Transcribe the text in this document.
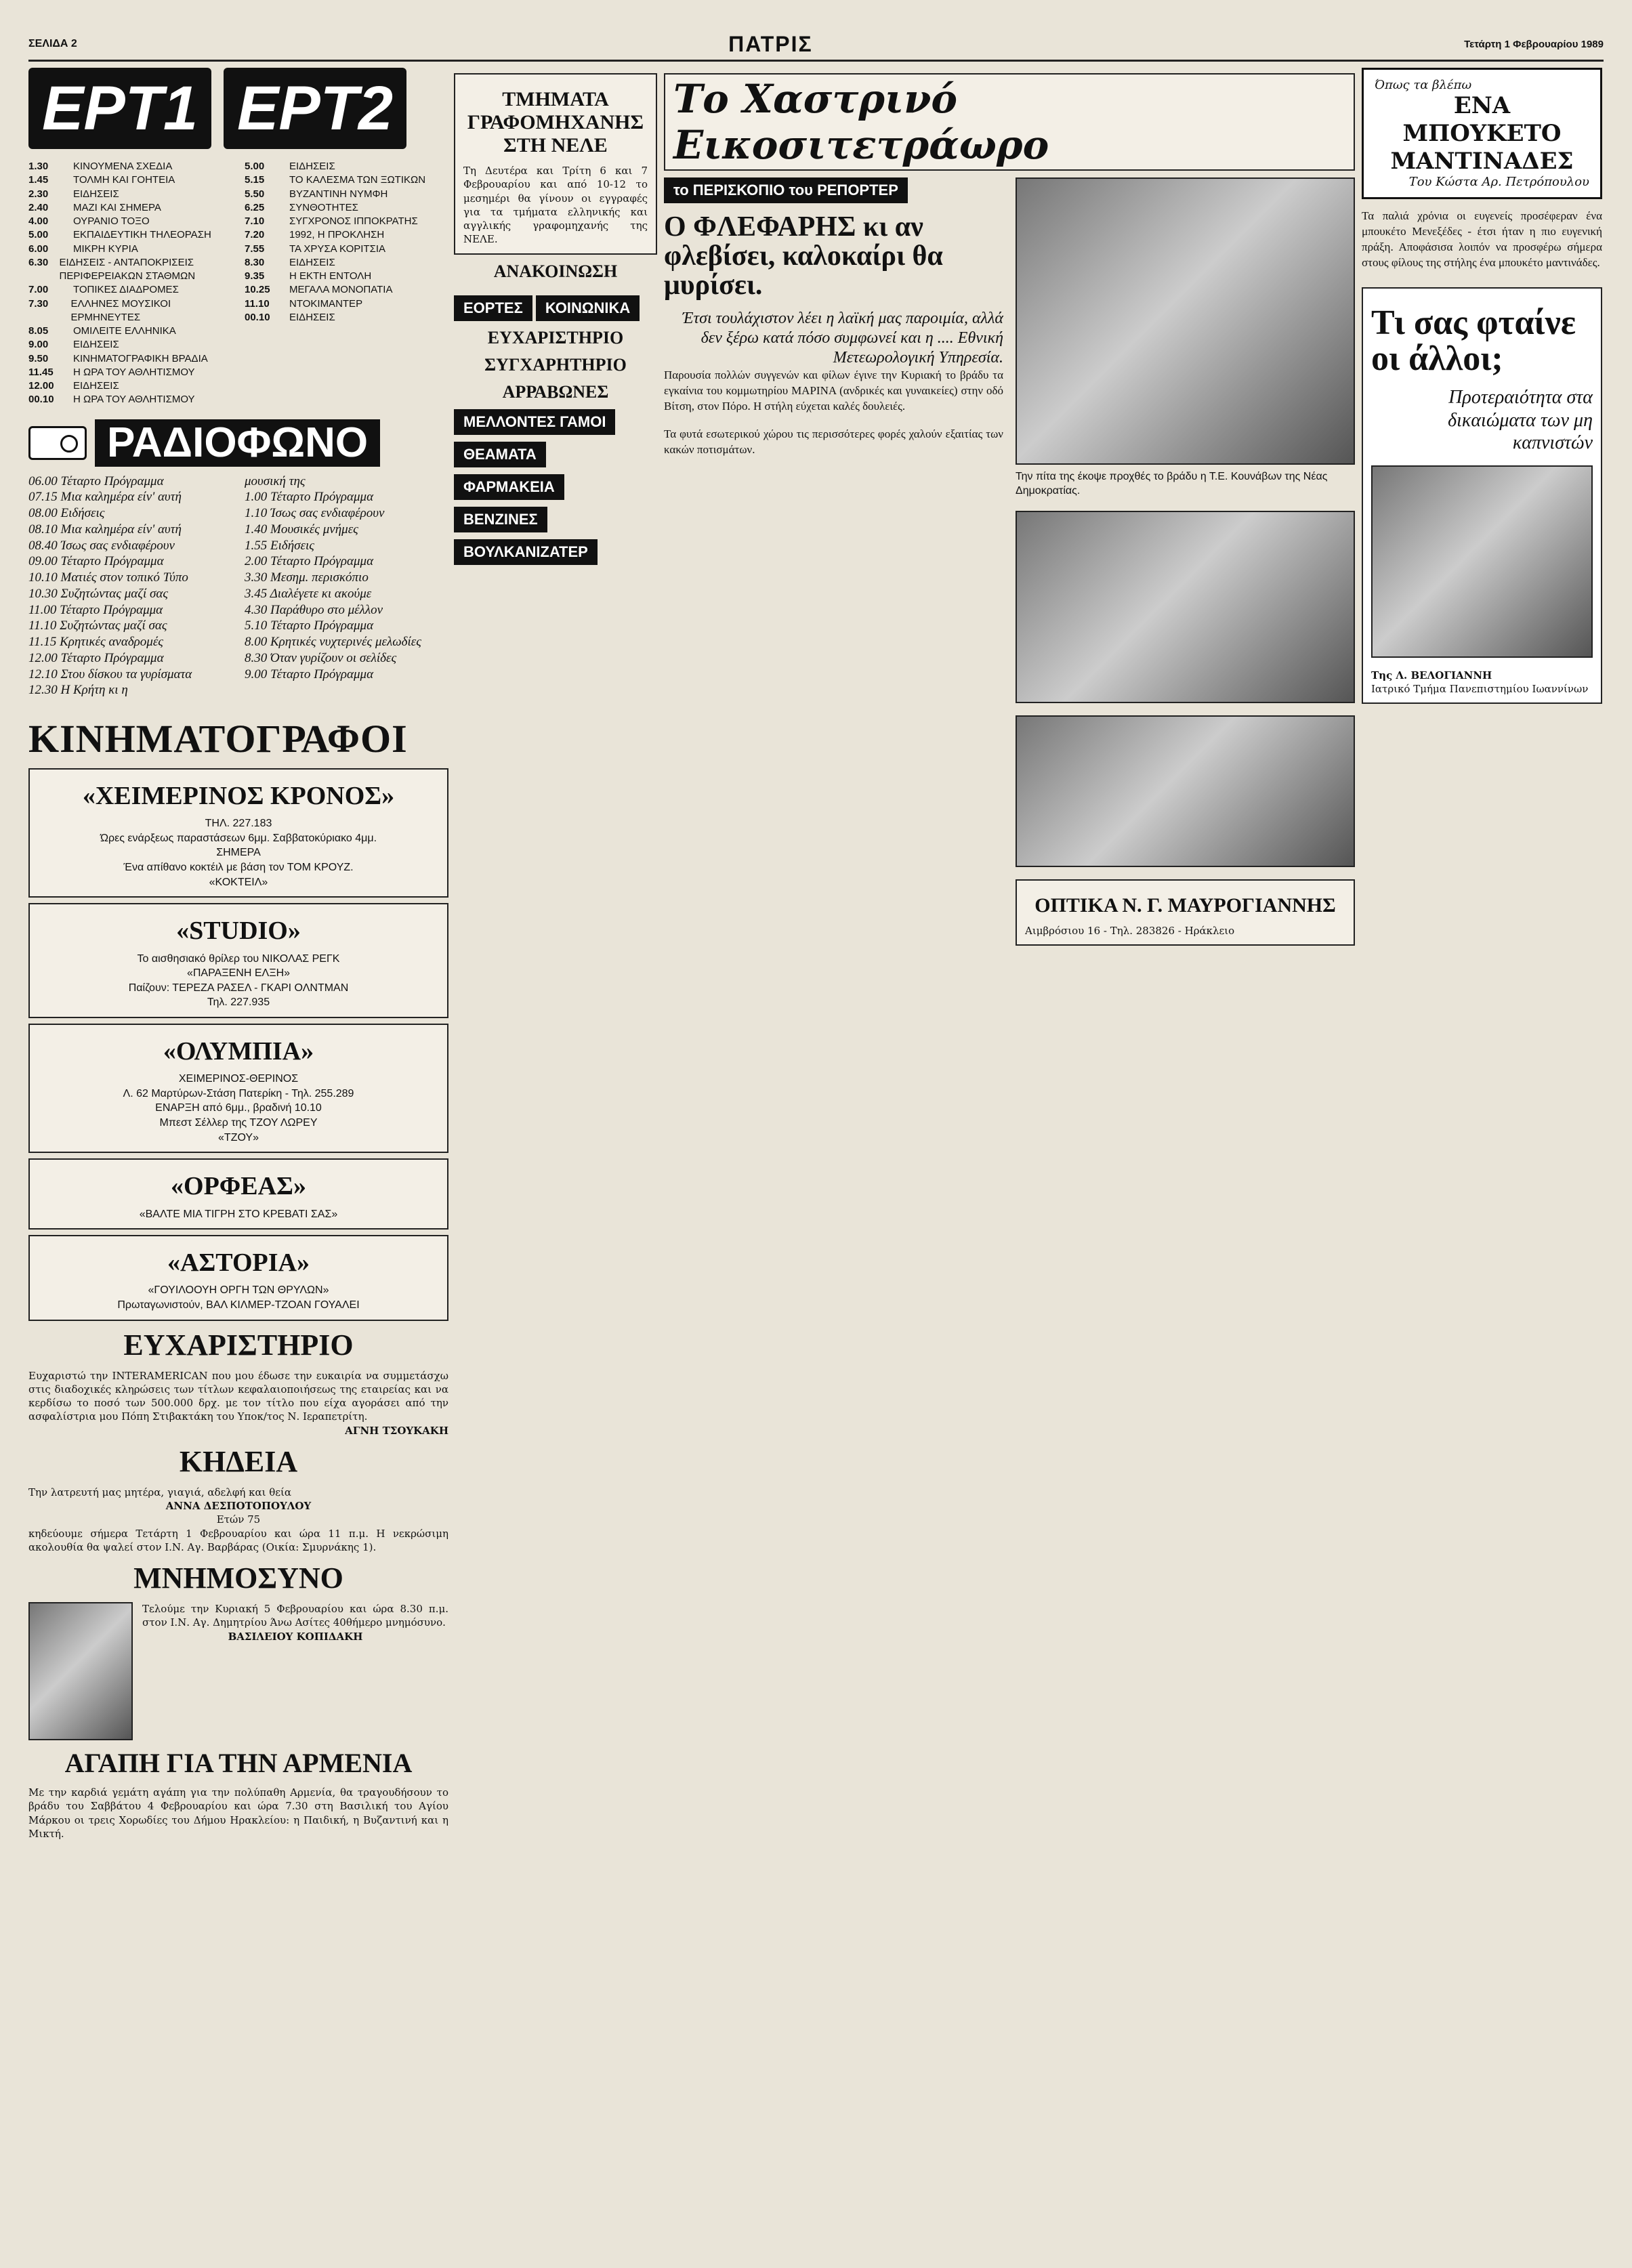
ΣΕΛΙΔΑ 2	ΠΑΤΡΙΣ	Τετάρτη 1 Φεβρουαρίου 1989
ΕΡΤ1 ΕΡΤ2
1.30	ΚΙΝΟΥΜΕΝΑ ΣΧΕΔΙΑ
1.45	ΤΟΛΜΗ ΚΑΙ ΓΟΗΤΕΙΑ
2.30	ΕΙΔΗΣΕΙΣ
2.40	ΜΑΖΙ ΚΑΙ ΣΗΜΕΡΑ
4.00	ΟΥΡΑΝΙΟ ΤΟΞΟ
5.00	ΕΚΠΑΙΔΕΥΤΙΚΗ ΤΗΛΕΟΡΑΣΗ
6.00	ΜΙΚΡΗ ΚΥΡΙΑ
6.30	ΕΙΔΗΣΕΙΣ - ΑΝΤΑΠΟΚΡΙΣΕΙΣ ΠΕΡΙΦΕΡΕΙΑΚΩΝ ΣΤΑΘΜΩΝ
7.00	ΤΟΠΙΚΕΣ ΔΙΑΔΡΟΜΕΣ
7.30	ΕΛΛΗΝΕΣ ΜΟΥΣΙΚΟΙ ΕΡΜΗΝΕΥΤΕΣ
8.05	ΟΜΙΛΕΙΤΕ ΕΛΛΗΝΙΚΑ
9.00	ΕΙΔΗΣΕΙΣ
9.50	ΚΙΝΗΜΑΤΟΓΡΑΦΙΚΗ ΒΡΑΔΙΑ
11.45	Η ΩΡΑ ΤΟΥ ΑΘΛΗΤΙΣΜΟΥ
12.00	ΕΙΔΗΣΕΙΣ
00.10	Η ΩΡΑ ΤΟΥ ΑΘΛΗΤΙΣΜΟΥ
5.00	ΕΙΔΗΣΕΙΣ
5.15	ΤΟ ΚΑΛΕΣΜΑ ΤΩΝ ΞΩΤΙΚΩΝ
5.50	ΒΥΖΑΝΤΙΝΗ ΝΥΜΦΗ
6.25	ΣΥΝΘΟΤΗΤΕΣ
7.10	ΣΥΓΧΡΟΝΟΣ ΙΠΠΟΚΡΑΤΗΣ
7.20	1992, Η ΠΡΟΚΛΗΣΗ
7.55	ΤΑ ΧΡΥΣΑ ΚΟΡΙΤΣΙΑ
8.30	ΕΙΔΗΣΕΙΣ
9.35	Η ΕΚΤΗ ΕΝΤΟΛΗ
10.25	ΜΕΓΑΛΑ ΜΟΝΟΠΑΤΙΑ
11.10	ΝΤΟΚΙΜΑΝΤΕΡ
00.10	ΕΙΔΗΣΕΙΣ
ΡΑΔΙΟΦΩΝΟ
06.00 Τέταρτο Πρόγραμμα
07.15 Μια καλημέρα είν' αυτή
08.00 Ειδήσεις
08.10 Μια καλημέρα είν' αυτή
08.40 Ίσως σας ενδιαφέρουν
09.00 Τέταρτο Πρόγραμμα
10.10 Ματιές στον τοπικό Τύπο
10.30 Συζητώντας μαζί σας
11.00 Τέταρτο Πρόγραμμα
11.10 Συζητώντας μαζί σας
11.15 Κρητικές αναδρομές
12.00 Τέταρτο Πρόγραμμα
12.10 Στου δίσκου τα γυρίσματα
12.30 Η Κρήτη κι η
μουσική της
1.00 Τέταρτο Πρόγραμμα
1.10 Ίσως σας ενδιαφέρουν
1.40 Μουσικές μνήμες
1.55 Ειδήσεις
2.00 Τέταρτο Πρόγραμμα
3.30 Μεσημ. περισκόπιο
3.45 Διαλέγετε κι ακούμε
4.30 Παράθυρο στο μέλλον
5.10 Τέταρτο Πρόγραμμα
8.00 Κρητικές νυχτερινές μελωδίες
8.30 Όταν γυρίζουν οι σελίδες
9.00 Τέταρτο Πρόγραμμα
ΚΙΝΗΜΑΤΟΓΡΑΦΟΙ
«ΧΕΙΜΕΡΙΝΟΣ ΚΡΟΝΟΣ»
ΤΗΛ. 227.183
Ώρες ενάρξεως παραστάσεων 6μμ. Σαββατοκύριακο 4μμ.
ΣΗΜΕΡΑ
Ένα απίθανο κοκτέιλ με βάση τον ΤΟΜ ΚΡΟΥΖ.
«ΚΟΚΤΕΙΛ»
«STUDIO»
Το αισθησιακό θρίλερ του ΝΙΚΟΛΑΣ ΡΕΓΚ
«ΠΑΡΑΞΕΝΗ ΕΛΞΗ»
Παίζουν: ΤΕΡΕΖΑ ΡΑΣΕΛ - ΓΚΑΡΙ ΟΛΝΤΜΑΝ
Τηλ. 227.935
«ΟΛΥΜΠΙΑ»
ΧΕΙΜΕΡΙΝΟΣ-ΘΕΡΙΝΟΣ
Λ. 62 Μαρτύρων-Στάση Πατερίκη - Τηλ. 255.289
ΕΝΑΡΞΗ από 6μμ., βραδινή 10.10
Μπεστ Σέλλερ της ΤΖΟΥ ΛΩΡΕΥ
«ΤΖΟΥ»
«ΟΡΦΕΑΣ»
«ΒΑΛΤΕ ΜΙΑ ΤΙΓΡΗ ΣΤΟ ΚΡΕΒΑΤΙ ΣΑΣ»
«ΑΣΤΟΡΙΑ»
«ΓΟΥΙΛΟΟΥΗ ΟΡΓΗ ΤΩΝ ΘΡΥΛΩΝ»
Πρωταγωνιστούν, ΒΑΛ ΚΙΛΜΕΡ-ΤΖΟΑΝ ΓΟΥΑΛΕΙ
ΕΥΧΑΡΙΣΤΗΡΙΟ
Ευχαριστώ την INTERAMERICAN που μου έδωσε την ευκαιρία να συμμετάσχω στις διαδοχικές κληρώσεις των τίτλων κεφαλαιοποιήσεως της εταιρείας και να κερδίσω το ποσό των 500.000 δρχ. με τον τίτλο που είχα αγοράσει από την ασφαλίστρια μου Πόπη Στιβακτάκη του Υποκ/τος Ν. Ιεραπετρίτη.
ΑΓΝΗ ΤΣΟΥΚΑΚΗ
ΚΗΔΕΙΑ
Την λατρευτή μας μητέρα, γιαγιά, αδελφή και θεία
ΑΝΝΑ ΔΕΣΠΟΤΟΠΟΥΛΟΥ
Ετών 75
κηδεύουμε σήμερα Τετάρτη 1 Φεβρουαρίου και ώρα 11 π.μ. Η νεκρώσιμη ακολουθία θα ψαλεί στον Ι.Ν. Αγ. Βαρβάρας (Οικία: Σμυρνάκης 1).
ΜΝΗΜΟΣΥΝΟ
Τελούμε την Κυριακή 5 Φεβρουαρίου και ώρα 8.30 π.μ. στον Ι.Ν. Αγ. Δημητρίου Άνω Ασίτες 40θήμερο μνημόσυνο.
ΒΑΣΙΛΕΙΟΥ ΚΟΠΙΔΑΚΗ
ΑΓΑΠΗ ΓΙΑ ΤΗΝ ΑΡΜΕΝΙΑ
Με την καρδιά γεμάτη αγάπη για την πολύπαθη Αρμενία, θα τραγουδήσουν το βράδυ του Σαββάτου 4 Φεβρουαρίου και ώρα 7.30 στη Βασιλική του Αγίου Μάρκου οι τρεις Χορωδίες του Δήμου Ηρακλείου: η Παιδική, η Βυζαντινή και η Μικτή.
ΤΜΗΜΑΤΑ ΓΡΑΦΟΜΗΧΑΝΗΣ ΣΤΗ ΝΕΛΕ
Τη Δευτέρα και Τρίτη 6 και 7 Φεβρουαρίου και από 10-12 το μεσημέρι θα γίνουν οι εγγραφές για τα τμήματα ελληνικής και αγγλικής γραφομηχανής της ΝΕΛΕ.
ΑΝΑΚΟΙΝΩΣΗ
ΕΟΡΤΕΣ ΚΟΙΝΩΝΙΚΑ
ΕΥΧΑΡΙΣΤΗΡΙΟ
ΣΥΓΧΑΡΗΤΗΡΙΟ
ΑΡΡΑΒΩΝΕΣ
ΜΕΛΛΟΝΤΕΣ ΓΑΜΟΙ ΘΕΑΜΑΤΑ ΦΑΡΜΑΚΕΙΑ ΒΕΝΖΙΝΕΣ ΒΟΥΛΚΑΝΙΖΑΤΕΡ
Το Χαστρινό Εικοσιτετράωρο
το ΠΕΡΙΣΚΟΠΙΟ του ΡΕΠΟΡΤΕΡ
Ο ΦΛΕΦΑΡΗΣ κι αν φλεβίσει, καλοκαίρι θα μυρίσει.
Έτσι τουλάχιστον λέει η λαϊκή μας παροιμία, αλλά δεν ξέρω κατά πόσο συμφωνεί και η .... Εθνική Μετεωρολογική Υπηρεσία.
Παρουσία πολλών συγγενών και φίλων έγινε την Κυριακή το βράδυ τα εγκαίνια του κομμωτηρίου ΜΑΡΙΝΑ (ανδρικές και γυναικείες) στην οδό Βίτση, στον Πόρο. Η στήλη εύχεται καλές δουλειές.
Τα φυτά εσωτερικού χώρου τις περισσότερες φορές χαλούν εξαιτίας των κακών ποτισμάτων.
Την πίτα της έκοψε προχθές το βράδυ η Τ.Ε. Κουνάβων της Νέας Δημοκρατίας.
ΟΠΤΙΚΑ Ν. Γ. ΜΑΥΡΟΓΙΑΝΝΗΣ
Αιμβρόσιου 16 - Τηλ. 283826 - Ηράκλειο
Όπως τα βλέπω
ΕΝΑ ΜΠΟΥΚΕΤΟ ΜΑΝΤΙΝΑΔΕΣ
Του Κώστα Αρ. Πετρόπουλου
Τα παλιά χρόνια οι ευγενείς προσέφεραν ένα μπουκέτο Μενεξέδες - έτσι ήταν η πιο ευγενική πράξη. Αποφάσισα λοιπόν να προσφέρω σήμερα στους φίλους της στήλης ένα μπουκέτο μαντινάδες.
Τι σας φταίνε οι άλλοι;
Προτεραιότητα στα δικαιώματα των μη καπνιστών
Της Λ. ΒΕΛΟΓΙΑΝΝΗ
Ιατρικό Τμήμα Πανεπιστημίου Ιωαννίνων
